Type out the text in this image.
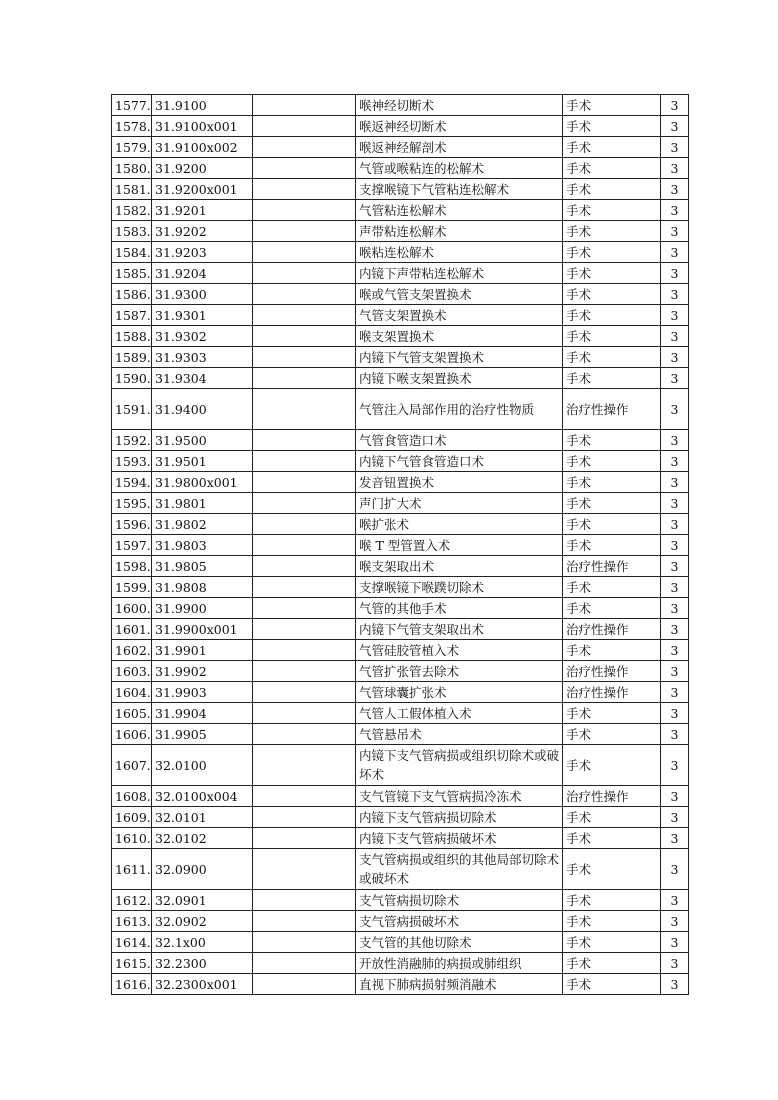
1577.	31.9100		喉神经切断术	手术	3
1578.	31.9100x001		喉返神经切断术	手术	3
1579.	31.9100x002		喉返神经解剖术	手术	3
1580.	31.9200		气管或喉粘连的松解术	手术	3
1581.	31.9200x001		支撑喉镜下气管粘连松解术	手术	3
1582.	31.9201		气管粘连松解术	手术	3
1583.	31.9202		声带粘连松解术	手术	3
1584.	31.9203		喉粘连松解术	手术	3
1585.	31.9204		内镜下声带粘连松解术	手术	3
1586.	31.9300		喉或气管支架置换术	手术	3
1587.	31.9301		气管支架置换术	手术	3
1588.	31.9302		喉支架置换术	手术	3
1589.	31.9303		内镜下气管支架置换术	手术	3
1590.	31.9304		内镜下喉支架置换术	手术	3
1591.	31.9400		气管注入局部作用的治疗性物质	治疗性操作	3
1592.	31.9500		气管食管造口术	手术	3
1593.	31.9501		内镜下气管食管造口术	手术	3
1594.	31.9800x001		发音钮置换术	手术	3
1595.	31.9801		声门扩大术	手术	3
1596.	31.9802		喉扩张术	手术	3
1597.	31.9803		喉 T 型管置入术	手术	3
1598.	31.9805		喉支架取出术	治疗性操作	3
1599.	31.9808		支撑喉镜下喉蹼切除术	手术	3
1600.	31.9900		气管的其他手术	手术	3
1601.	31.9900x001		内镜下气管支架取出术	治疗性操作	3
1602.	31.9901		气管硅胶管植入术	手术	3
1603.	31.9902		气管扩张管去除术	治疗性操作	3
1604.	31.9903		气管球囊扩张术	治疗性操作	3
1605.	31.9904		气管人工假体植入术	手术	3
1606.	31.9905		气管悬吊术	手术	3
1607.	32.0100		内镜下支气管病损或组织切除术或破坏术	手术	3
1608.	32.0100x004		支气管镜下支气管病损冷冻术	治疗性操作	3
1609.	32.0101		内镜下支气管病损切除术	手术	3
1610.	32.0102		内镜下支气管病损破坏术	手术	3
1611.	32.0900		支气管病损或组织的其他局部切除术或破坏术	手术	3
1612.	32.0901		支气管病损切除术	手术	3
1613.	32.0902		支气管病损破坏术	手术	3
1614.	32.1x00		支气管的其他切除术	手术	3
1615.	32.2300		开放性消融肺的病损或肺组织	手术	3
1616.	32.2300x001		直视下肺病损射频消融术	手术	3
